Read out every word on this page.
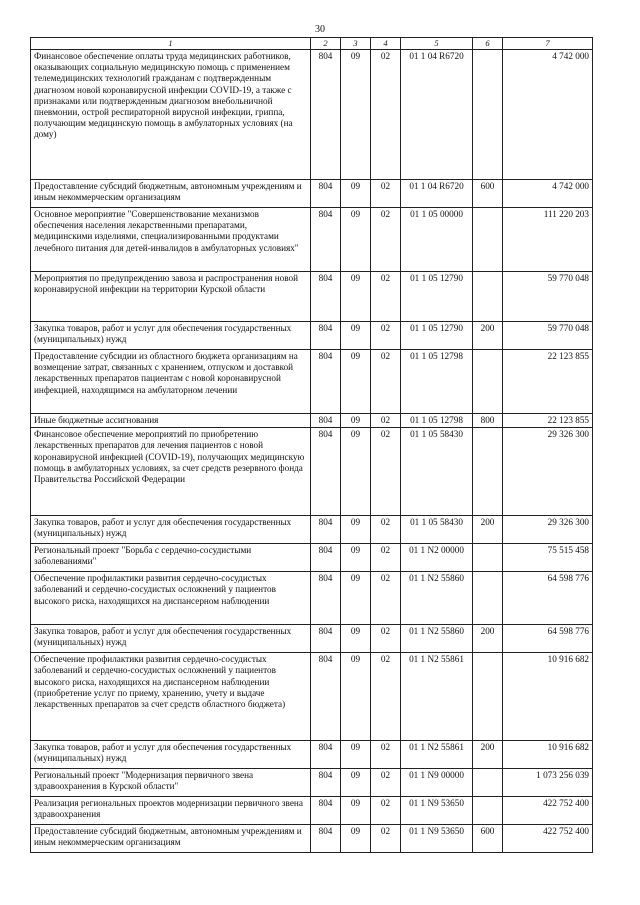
30
1	2	3	4	5	6	7
Финансовое обеспечение оплаты труда медицинских работников, оказывающих социальную медицинскую помощь с применением телемедицинских технологий гражданам с подтвержденным диагнозом новой коронавирусной инфекции COVID-19, а также с признаками или подтвержденным диагнозом внебольничной пневмонии, острой респираторной вирусной инфекции, гриппа, получающим медицинскую помощь в амбулаторных условиях (на дому)	804	09	02	01 1 04 R6720		4 742 000
Предоставление субсидий бюджетным, автономным учреждениям и иным некоммерческим организациям	804	09	02	01 1 04 R6720	600	4 742 000
Основное мероприятие "Совершенствование механизмов обеспечения населения лекарственными препаратами, медицинскими изделиями, специализированными продуктами лечебного питания для детей-инвалидов в амбулаторных условиях"	804	09	02	01 1 05 00000		111 220 203
Мероприятия по предупреждению завоза и распространения новой коронавирусной инфекции на территории Курской области	804	09	02	01 1 05 12790		59 770 048
Закупка товаров, работ и услуг для обеспечения государственных (муниципальных) нужд	804	09	02	01 1 05 12790	200	59 770 048
Предоставление субсидии из областного бюджета организациям на возмещение затрат, связанных с хранением, отпуском и доставкой лекарственных препаратов пациентам с новой коронавирусной инфекцией, находящимся на амбулаторном лечении	804	09	02	01 1 05 12798		22 123 855
Иные бюджетные ассигнования	804	09	02	01 1 05 12798	800	22 123 855
Финансовое обеспечение мероприятий по приобретению лекарственных препаратов для лечения пациентов с новой коронавирусной инфекцией (COVID-19), получающих медицинскую помощь в амбулаторных условиях, за счет средств резервного фонда Правительства Российской Федерации	804	09	02	01 1 05 58430		29 326 300
Закупка товаров, работ и услуг для обеспечения государственных (муниципальных) нужд	804	09	02	01 1 05 58430	200	29 326 300
Региональный проект "Борьба с сердечно-сосудистыми заболеваниями"	804	09	02	01 1 N2 00000		75 515 458
Обеспечение профилактики развития сердечно-сосудистых заболеваний и сердечно-сосудистых осложнений у пациентов высокого риска, находящихся на диспансерном наблюдении	804	09	02	01 1 N2 55860		64 598 776
Закупка товаров, работ и услуг для обеспечения государственных (муниципальных) нужд	804	09	02	01 1 N2 55860	200	64 598 776
Обеспечение профилактики развития сердечно-сосудистых заболеваний и сердечно-сосудистых осложнений у пациентов высокого риска, находящихся на диспансерном наблюдении (приобретение услуг по приему, хранению, учету и выдаче лекарственных препаратов за счет средств областного бюджета)	804	09	02	01 1 N2 55861		10 916 682
Закупка товаров, работ и услуг для обеспечения государственных (муниципальных) нужд	804	09	02	01 1 N2 55861	200	10 916 682
Региональный проект "Модернизация первичного звена здравоохранения в Курской области"	804	09	02	01 1 N9 00000		1 073 256 039
Реализация региональных проектов модернизации первичного звена здравоохранения	804	09	02	01 1 N9 53650		422 752 400
Предоставление субсидий бюджетным, автономным учреждениям и иным некоммерческим организациям	804	09	02	01 1 N9 53650	600	422 752 400
